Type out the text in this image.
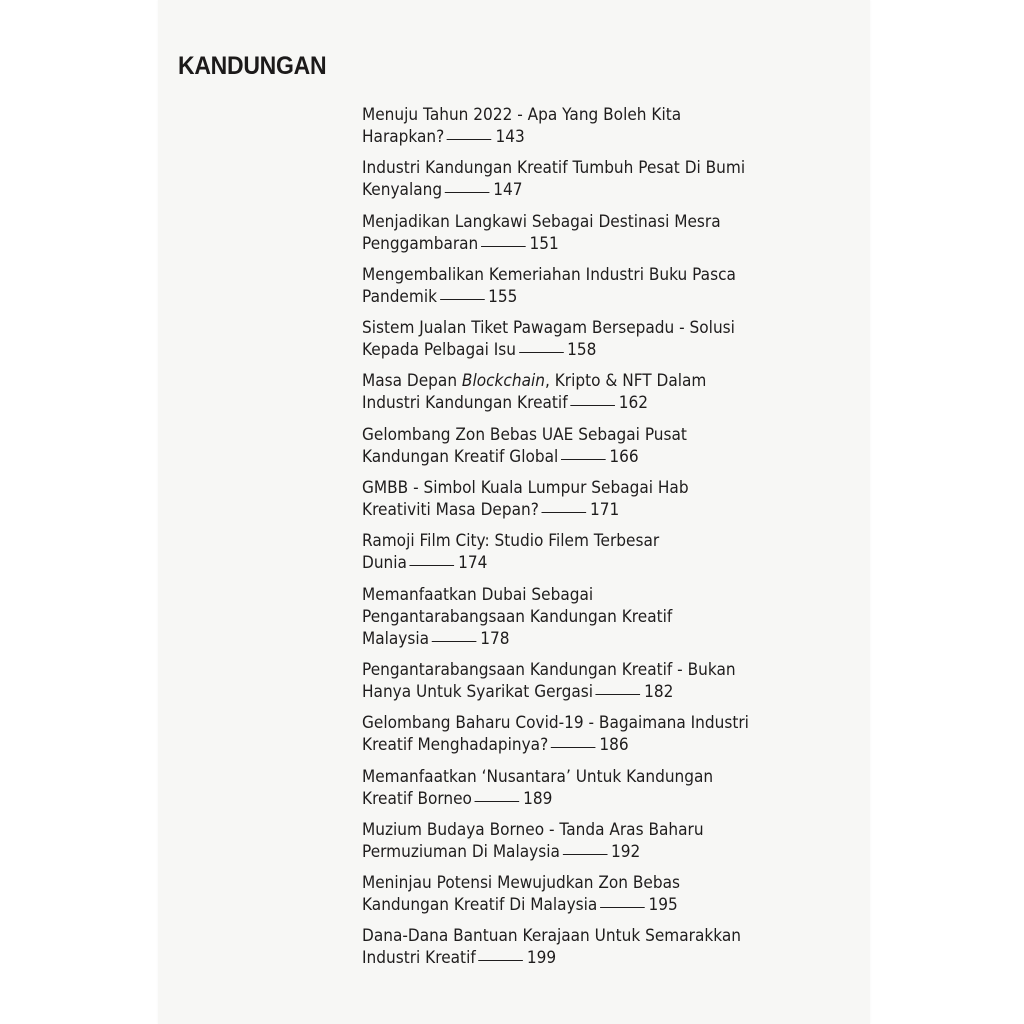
KANDUNGAN
Menuju Tahun 2022 - Apa Yang Boleh Kita
Harapkan?	143
Industri Kandungan Kreatif Tumbuh Pesat Di Bumi
Kenyalang	147
Menjadikan Langkawi Sebagai Destinasi Mesra
Penggambaran	151
Mengembalikan Kemeriahan Industri Buku Pasca
Pandemik	155
Sistem Jualan Tiket Pawagam Bersepadu - Solusi
Kepada Pelbagai Isu	158
Masa Depan Blockchain, Kripto & NFT Dalam
Industri Kandungan Kreatif	162
Gelombang Zon Bebas UAE Sebagai Pusat
Kandungan Kreatif Global	166
GMBB - Simbol Kuala Lumpur Sebagai Hab
Kreativiti Masa Depan?	171
Ramoji Film City: Studio Filem Terbesar
Dunia	174
Memanfaatkan Dubai Sebagai
Pengantarabangsaan Kandungan Kreatif
Malaysia	178
Pengantarabangsaan Kandungan Kreatif - Bukan
Hanya Untuk Syarikat Gergasi	182
Gelombang Baharu Covid-19 - Bagaimana Industri
Kreatif Menghadapinya?	186
Memanfaatkan ‘Nusantara’ Untuk Kandungan
Kreatif Borneo	189
Muzium Budaya Borneo - Tanda Aras Baharu
Permuziuman Di Malaysia	192
Meninjau Potensi Mewujudkan Zon Bebas
Kandungan Kreatif Di Malaysia	195
Dana-Dana Bantuan Kerajaan Untuk Semarakkan
Industri Kreatif	199
